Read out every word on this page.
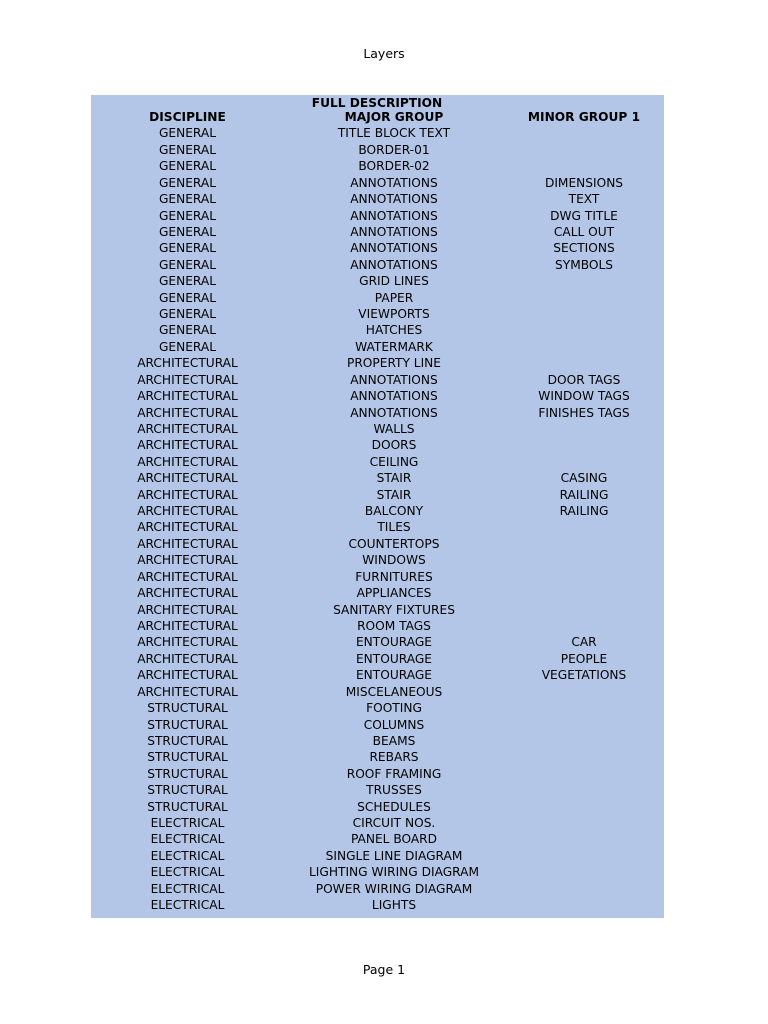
Layers
FULL DESCRIPTION
DISCIPLINE	MAJOR GROUP	MINOR GROUP 1
GENERAL	TITLE BLOCK TEXT
GENERAL	BORDER-01
GENERAL	BORDER-02
GENERAL	ANNOTATIONS	DIMENSIONS
GENERAL	ANNOTATIONS	TEXT
GENERAL	ANNOTATIONS	DWG TITLE
GENERAL	ANNOTATIONS	CALL OUT
GENERAL	ANNOTATIONS	SECTIONS
GENERAL	ANNOTATIONS	SYMBOLS
GENERAL	GRID LINES
GENERAL	PAPER
GENERAL	VIEWPORTS
GENERAL	HATCHES
GENERAL	WATERMARK
ARCHITECTURAL	PROPERTY LINE
ARCHITECTURAL	ANNOTATIONS	DOOR TAGS
ARCHITECTURAL	ANNOTATIONS	WINDOW TAGS
ARCHITECTURAL	ANNOTATIONS	FINISHES TAGS
ARCHITECTURAL	WALLS
ARCHITECTURAL	DOORS
ARCHITECTURAL	CEILING
ARCHITECTURAL	STAIR	CASING
ARCHITECTURAL	STAIR	RAILING
ARCHITECTURAL	BALCONY	RAILING
ARCHITECTURAL	TILES
ARCHITECTURAL	COUNTERTOPS
ARCHITECTURAL	WINDOWS
ARCHITECTURAL	FURNITURES
ARCHITECTURAL	APPLIANCES
ARCHITECTURAL	SANITARY FIXTURES
ARCHITECTURAL	ROOM TAGS
ARCHITECTURAL	ENTOURAGE	CAR
ARCHITECTURAL	ENTOURAGE	PEOPLE
ARCHITECTURAL	ENTOURAGE	VEGETATIONS
ARCHITECTURAL	MISCELANEOUS
STRUCTURAL	FOOTING
STRUCTURAL	COLUMNS
STRUCTURAL	BEAMS
STRUCTURAL	REBARS
STRUCTURAL	ROOF FRAMING
STRUCTURAL	TRUSSES
STRUCTURAL	SCHEDULES
ELECTRICAL	CIRCUIT NOS.
ELECTRICAL	PANEL BOARD
ELECTRICAL	SINGLE LINE DIAGRAM
ELECTRICAL	LIGHTING WIRING DIAGRAM
ELECTRICAL	POWER WIRING DIAGRAM
ELECTRICAL	LIGHTS
Page 1
